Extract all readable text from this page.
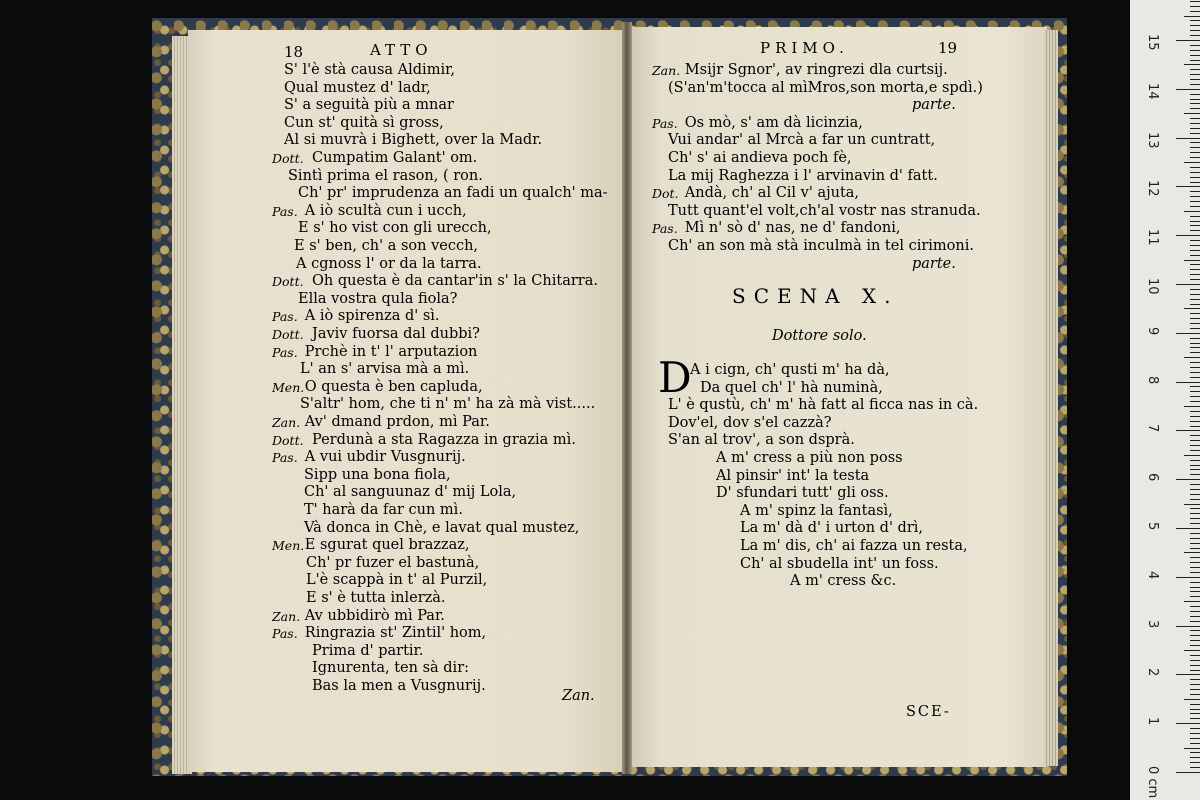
18	ATTO
S' l'è stà causa Aldimir,
Qual mustez d' ladr,
S' a seguità più a mnar
Cun st' quità sì gross,
Al si muvrà i Bighett, over la Madr.
Dott. Cumpatim Galant' om.
Sintì prima el rason, ( ron.
Ch' pr' imprudenza an fadi un qualch' ma-
Pas. A iò scultà cun i ucch,
E s' ho vist con gli urecch,
E s' ben, ch' a son vecch,
A cgnoss l' or da la tarra.
Dott. Oh questa è da cantar'in s' la Chitarra.
Ella vostra qula fiola?
Pas. A iò spirenza d' sì.
Dott. Javiv fuorsa dal dubbi?
Pas. Prchè in t' l' arputazion
L' an s' arvisa mà a mì.
Men. O questa è ben capluda,
S'altr' hom, che ti n' m' ha zà mà vist.....
Zan. Av' dmand prdon, mì Par.
Dott. Perdunà a sta Ragazza in grazia mì.
Pas. A vui ubdir Vusgnurij.
Sipp una bona fiola,
Ch' al sanguunaz d' mij Lola,
T' harà da far cun mì.
Và donca in Chè, e lavat qual mustez,
Men. E sgurat quel brazzaz,
Ch' pr fuzer el bastunà,
L'è scappà in t' al Purzil,
E s' è tutta inlerzà.
Zan. Av ubbidirò mì Par.
Pas. Ringrazia st' Zintil' hom,
Prima d' partir.
Ignurenta, ten sà dir:
Bas la men a Vusgnurij.
Zan.
PRIMO.	19
Zan. Msijr Sgnor', av ringrezi dla curtsij.
(S'an'm'tocca al mìMros,son morta,e spdì.)
parte.
Pas. Os mò, s' am dà licinzia,
Vui andar' al Mrcà a far un cuntratt,
Ch' s' ai andieva poch fè,
La mij Raghezza i l' arvinavin d' fatt.
Dot. Andà, ch' al Cil v' ajuta,
Tutt quant'el volt,ch'al vostr nas stranuda.
Pas. Mì n' sò d' nas, ne d' fandoni,
Ch' an son mà stà inculmà in tel cirimoni.
parte.
SCENA X.
Dottore solo.
D
A i cign, ch' qusti m' ha dà,
Da quel ch' l' hà numinà,
L' è qustù, ch' m' hà fatt al ficca nas in cà.
Dov'el, dov s'el cazzà?
S'an al trov', a son dsprà.
A m' cress a più non poss
Al pinsir' int' la testa
D' sfundari tutt' gli oss.
A m' spinz la fantasì,
La m' dà d' i urton d' drì,
La m' dis, ch' ai fazza un resta,
Ch' al sbudella int' un foss.
A m' cress &c.
SCE-
0 cm
1
2
3
4
5
6
7
8
9
10
11
12
13
14
15
